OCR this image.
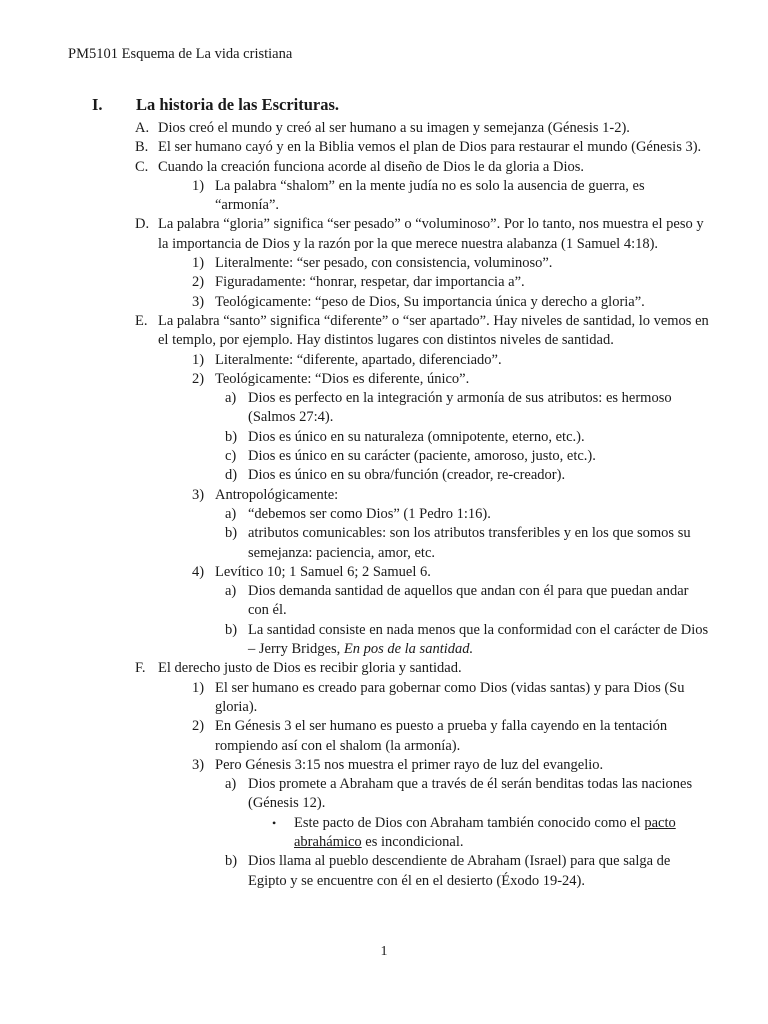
PM5101 Esquema de La vida cristiana
I. La historia de las Escrituras.
A. Dios creó el mundo y creó al ser humano a su imagen y semejanza (Génesis 1-2).
B. El ser humano cayó y en la Biblia vemos el plan de Dios para restaurar el mundo (Génesis 3).
C. Cuando la creación funciona acorde al diseño de Dios le da gloria a Dios.
1) La palabra “shalom” en la mente judía no es solo la ausencia de guerra, es “armonía”.
D. La palabra “gloria” significa “ser pesado” o “voluminoso”. Por lo tanto, nos muestra el peso y la importancia de Dios y la razón por la que merece nuestra alabanza (1 Samuel 4:18).
1) Literalmente: “ser pesado, con consistencia, voluminoso”.
2) Figuradamente: “honrar, respetar, dar importancia a”.
3) Teológicamente: “peso de Dios, Su importancia única y derecho a gloria”.
E. La palabra “santo” significa “diferente” o “ser apartado”. Hay niveles de santidad, lo vemos en el templo, por ejemplo. Hay distintos lugares con distintos niveles de santidad.
1) Literalmente: “diferente, apartado, diferenciado”.
2) Teológicamente: “Dios es diferente, único”.
a) Dios es perfecto en la integración y armonía de sus atributos: es hermoso (Salmos 27:4).
b) Dios es único en su naturaleza (omnipotente, eterno, etc.).
c) Dios es único en su carácter (paciente, amoroso, justo, etc.).
d) Dios es único en su obra/función (creador, re-creador).
3) Antropológicamente:
a) “debemos ser como Dios” (1 Pedro 1:16).
b) atributos comunicables: son los atributos transferibles y en los que somos su semejanza: paciencia, amor, etc.
4) Levítico 10; 1 Samuel 6; 2 Samuel 6.
a) Dios demanda santidad de aquellos que andan con él para que puedan andar con él.
b) La santidad consiste en nada menos que la conformidad con el carácter de Dios – Jerry Bridges, En pos de la santidad.
F. El derecho justo de Dios es recibir gloria y santidad.
1) El ser humano es creado para gobernar como Dios (vidas santas) y para Dios (Su gloria).
2) En Génesis 3 el ser humano es puesto a prueba y falla cayendo en la tentación rompiendo así con el shalom (la armonía).
3) Pero Génesis 3:15 nos muestra el primer rayo de luz del evangelio.
a) Dios promete a Abraham que a través de él serán benditas todas las naciones (Génesis 12).
• Este pacto de Dios con Abraham también conocido como el pacto abrahámico es incondicional.
b) Dios llama al pueblo descendiente de Abraham (Israel) para que salga de Egipto y se encuentre con él en el desierto (Éxodo 19-24).
1
